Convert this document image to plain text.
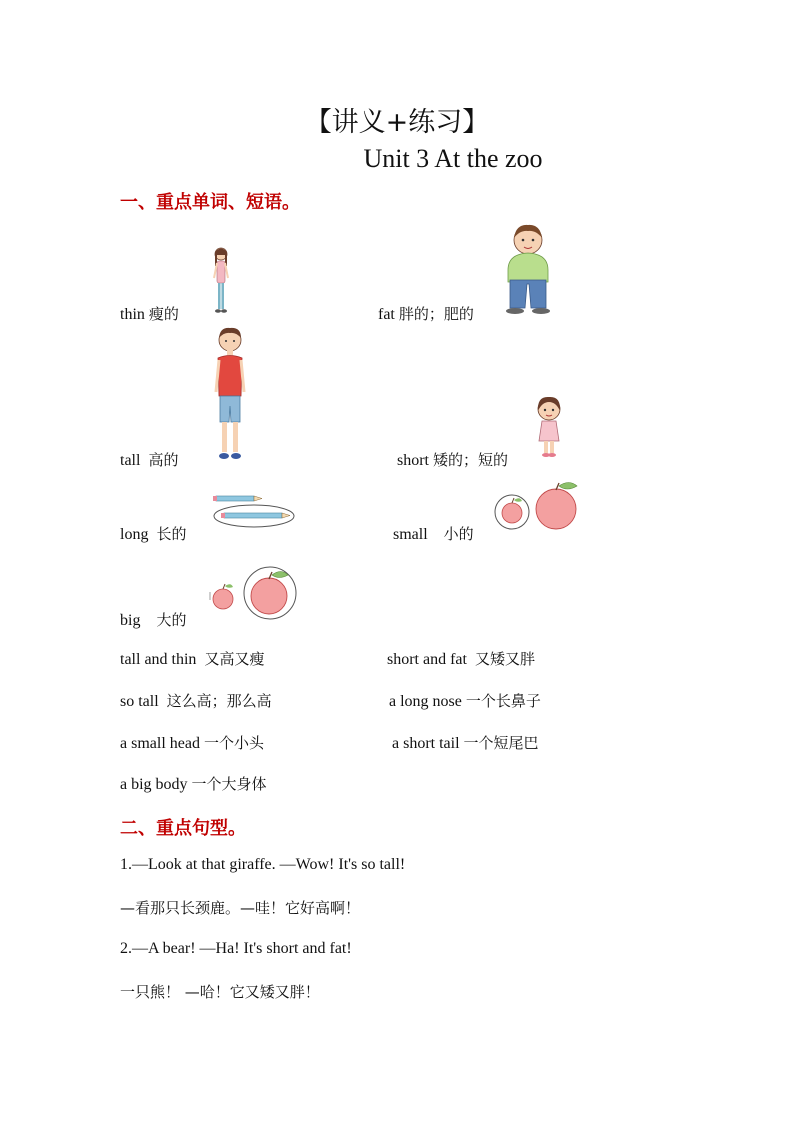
【讲义+练习】
Unit 3 At the zoo
一、重点单词、短语。
thin 瘦的	fat 胖的；肥的
tall 高的	short 矮的；短的
long 长的	small 小的
big 大的
tall and thin 又高又瘦	short and fat 又矮又胖
so tall 这么高；那么高	a long nose 一个长鼻子
a small head 一个小头	a short tail 一个短尾巴
a big body 一个大身体
二、重点句型。
1.—Look at that giraffe. —Wow! It's so tall!
—看那只长颈鹿。—哇！它好高啊！
2.—A bear! —Ha! It's short and fat!
一只熊！ —哈！它又矮又胖！
